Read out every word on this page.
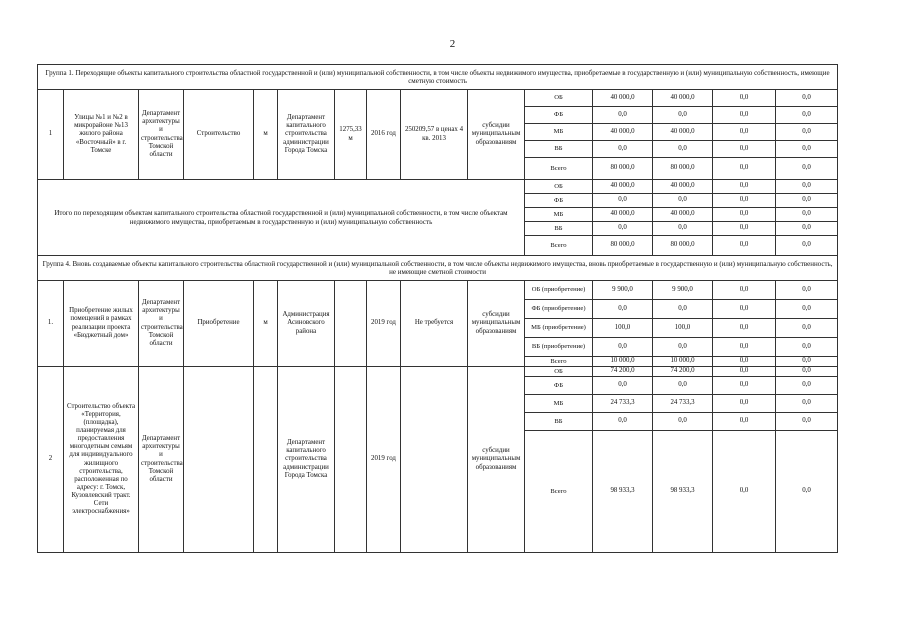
2
Группа 1. Переходящие объекты капитального строительства областной государственной и (или) муниципальной собственности, в том числе объекты недвижимого имущества, приобретаемые в государственную и (или) муниципальную собственность, имеющие сметную стоимость														
1	Улицы №1 и №2 в микрорайоне №13 жилого района «Восточный» в г. Томске	Департамент архитектуры и строительства Томской области	Строительство	м	Департамент капитального строительства администрации Города Томска	1275,33 м	2016 год	250209,57 в ценах 4 кв. 2013	субсидии муниципальным образованиям	ОБ	40 000,0	40 000,0	0,0	0,0
										ФБ	0,0	0,0	0,0	0,0
										МБ	40 000,0	40 000,0	0,0	0,0
										ВБ	0,0	0,0	0,0	0,0
										Всего	80 000,0	80 000,0	0,0	0,0
Итого по переходящим объектам капитального строительства областной государственной и (или) муниципальной собственности, в том числе объектам недвижимого имущества, приобретаемым в государственную и (или) муниципальную собственность										ОБ	40 000,0	40 000,0	0,0	0,0
										ФБ	0,0	0,0	0,0	0,0
										МБ	40 000,0	40 000,0	0,0	0,0
										ВБ	0,0	0,0	0,0	0,0
										Всего	80 000,0	80 000,0	0,0	0,0
Группа 4. Вновь создаваемые объекты капитального строительства областной государственной и (или) муниципальной собственности, в том числе объекты недвижимого имущества, вновь приобретаемые в государственную и (или) муниципальную собственность, не имеющие сметной стоимости														
1.	Приобретение жилых помещений в рамках реализации проекта «Бюджетный дом»	Департамент архитектуры и строительства Томской области	Приобретение	м	Администрация Асиновского района		2019 год	Не требуется	субсидии муниципальным образованиям	ОБ (приобретение)	9 900,0	9 900,0	0,0	0,0
										ФБ (приобретение)	0,0	0,0	0,0	0,0
										МБ (приобретение)	100,0	100,0	0,0	0,0
										ВБ (приобретение)	0,0	0,0	0,0	0,0
										Всего	10 000,0	10 000,0	0,0	0,0
2	Строительство объекта «Территория, (площадка), планируемая для предоставления многодетным семьям для индивидуального жилищного строительства, расположенная по адресу: г. Томск, Кузовлевский тракт. Сети электроснабжения»	Департамент архитектуры и строительства Томской области			Департамент капитального строительства администрации Города Томска		2019 год		субсидии муниципальным образованиям	ОБ	74 200,0	74 200,0	0,0	0,0
										ФБ	0,0	0,0	0,0	0,0
										МБ	24 733,3	24 733,3	0,0	0,0
										ВБ	0,0	0,0	0,0	0,0
										Всего	98 933,3	98 933,3	0,0	0,0
